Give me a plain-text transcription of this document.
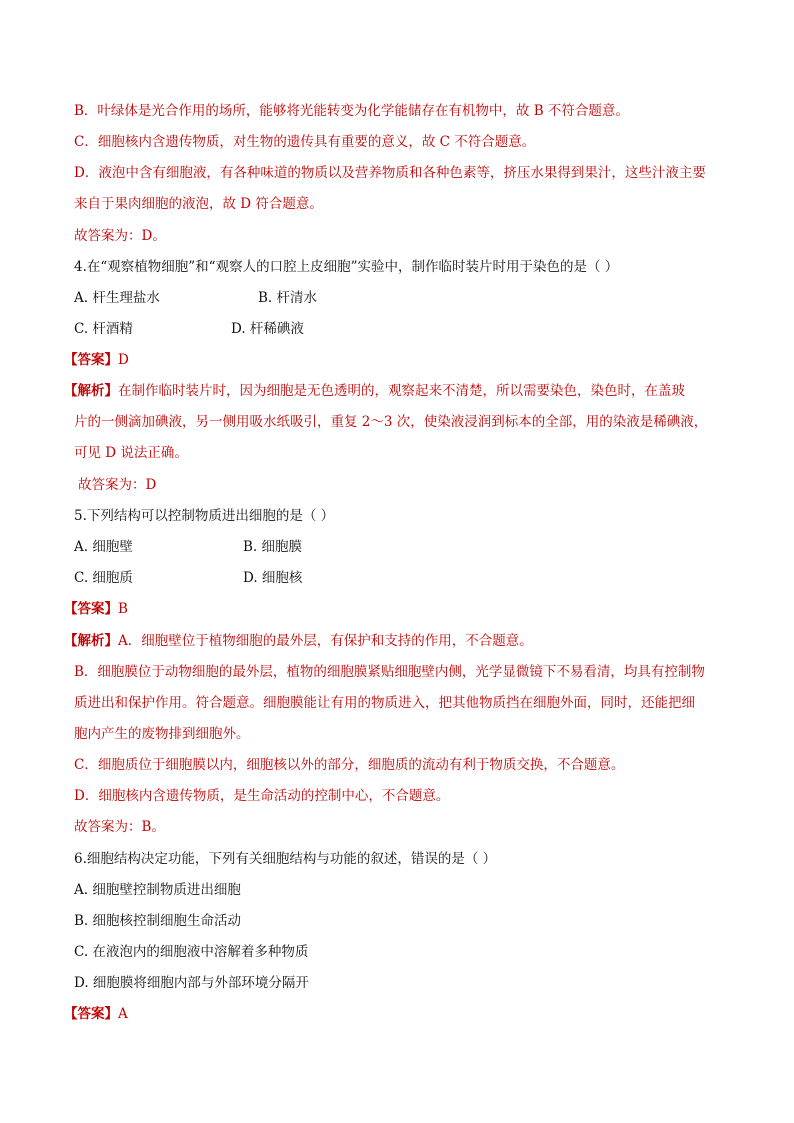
B．叶绿体是光合作用的场所，能够将光能转变为化学能储存在有机物中，故 B 不符合题意。
C．细胞核内含遗传物质，对生物的遗传具有重要的意义，故 C 不符合题意。
D．液泡中含有细胞液，有各种味道的物质以及营养物质和各种色素等，挤压水果得到果汁，这些汁液主要
来自于果肉细胞的液泡，故 D 符合题意。
故答案为：D。
4.在“观察植物细胞”和“观察人的口腔上皮细胞”实验中，制作临时装片时用于染色的是（ ）
A. 杆生理盐水	B. 杆清水
C. 杆酒精	D. 杆稀碘液
【答案】D
【解析】在制作临时装片时，因为细胞是无色透明的，观察起来不清楚，所以需要染色，染色时，在盖玻
片的一侧滴加碘液，另一侧用吸水纸吸引，重复 2～3 次，使染液浸润到标本的全部，用的染液是稀碘液，
可见 D 说法正确。
故答案为：D
5.下列结构可以控制物质进出细胞的是（ ）
A. 细胞壁	B. 细胞膜
C. 细胞质	D. 细胞核
【答案】B
【解析】A．细胞壁位于植物细胞的最外层，有保护和支持的作用，不合题意。
B．细胞膜位于动物细胞的最外层，植物的细胞膜紧贴细胞壁内侧，光学显微镜下不易看清，均具有控制物
质进出和保护作用。符合题意。细胞膜能让有用的物质进入，把其他物质挡在细胞外面，同时，还能把细
胞内产生的废物排到细胞外。
C．细胞质位于细胞膜以内，细胞核以外的部分，细胞质的流动有利于物质交换，不合题意。
D．细胞核内含遗传物质，是生命活动的控制中心，不合题意。
故答案为：B。
6.细胞结构决定功能，下列有关细胞结构与功能的叙述，错误的是（ ）
A. 细胞壁控制物质进出细胞
B. 细胞核控制细胞生命活动
C. 在液泡内的细胞液中溶解着多种物质
D. 细胞膜将细胞内部与外部环境分隔开
【答案】A
